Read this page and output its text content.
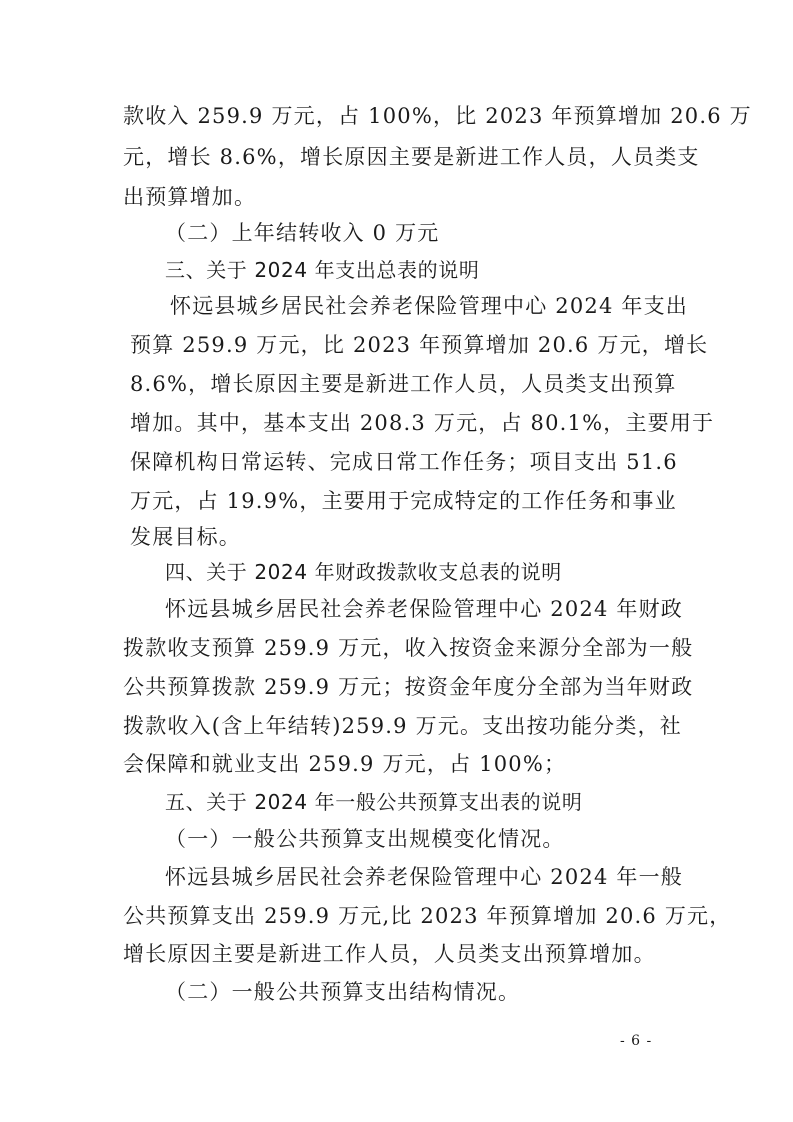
款收入 259.9 万元，占 100%，比 2023 年预算增加 20.6 万
元，增长 8.6%，增长原因主要是新进工作人员，人员类支
出预算增加。
（二）上年结转收入 0 万元
三、关于 2024 年支出总表的说明
怀远县城乡居民社会养老保险管理中心 2024 年支出
预算 259.9 万元，比 2023 年预算增加 20.6 万元，增长
8.6%，增长原因主要是新进工作人员，人员类支出预算
增加。其中，基本支出 208.3 万元，占 80.1%，主要用于
保障机构日常运转、完成日常工作任务；项目支出 51.6
万元，占 19.9%，主要用于完成特定的工作任务和事业
发展目标。
四、关于 2024 年财政拨款收支总表的说明
怀远县城乡居民社会养老保险管理中心 2024 年财政
拨款收支预算 259.9 万元，收入按资金来源分全部为一般
公共预算拨款 259.9 万元；按资金年度分全部为当年财政
拨款收入(含上年结转)259.9 万元。支出按功能分类，社
会保障和就业支出 259.9 万元，占 100%；
五、关于 2024 年一般公共预算支出表的说明
（一）一般公共预算支出规模变化情况。
怀远县城乡居民社会养老保险管理中心 2024 年一般
公共预算支出 259.9 万元,比 2023 年预算增加 20.6 万元，
增长原因主要是新进工作人员，人员类支出预算增加。
（二）一般公共预算支出结构情况。
- 6 -
